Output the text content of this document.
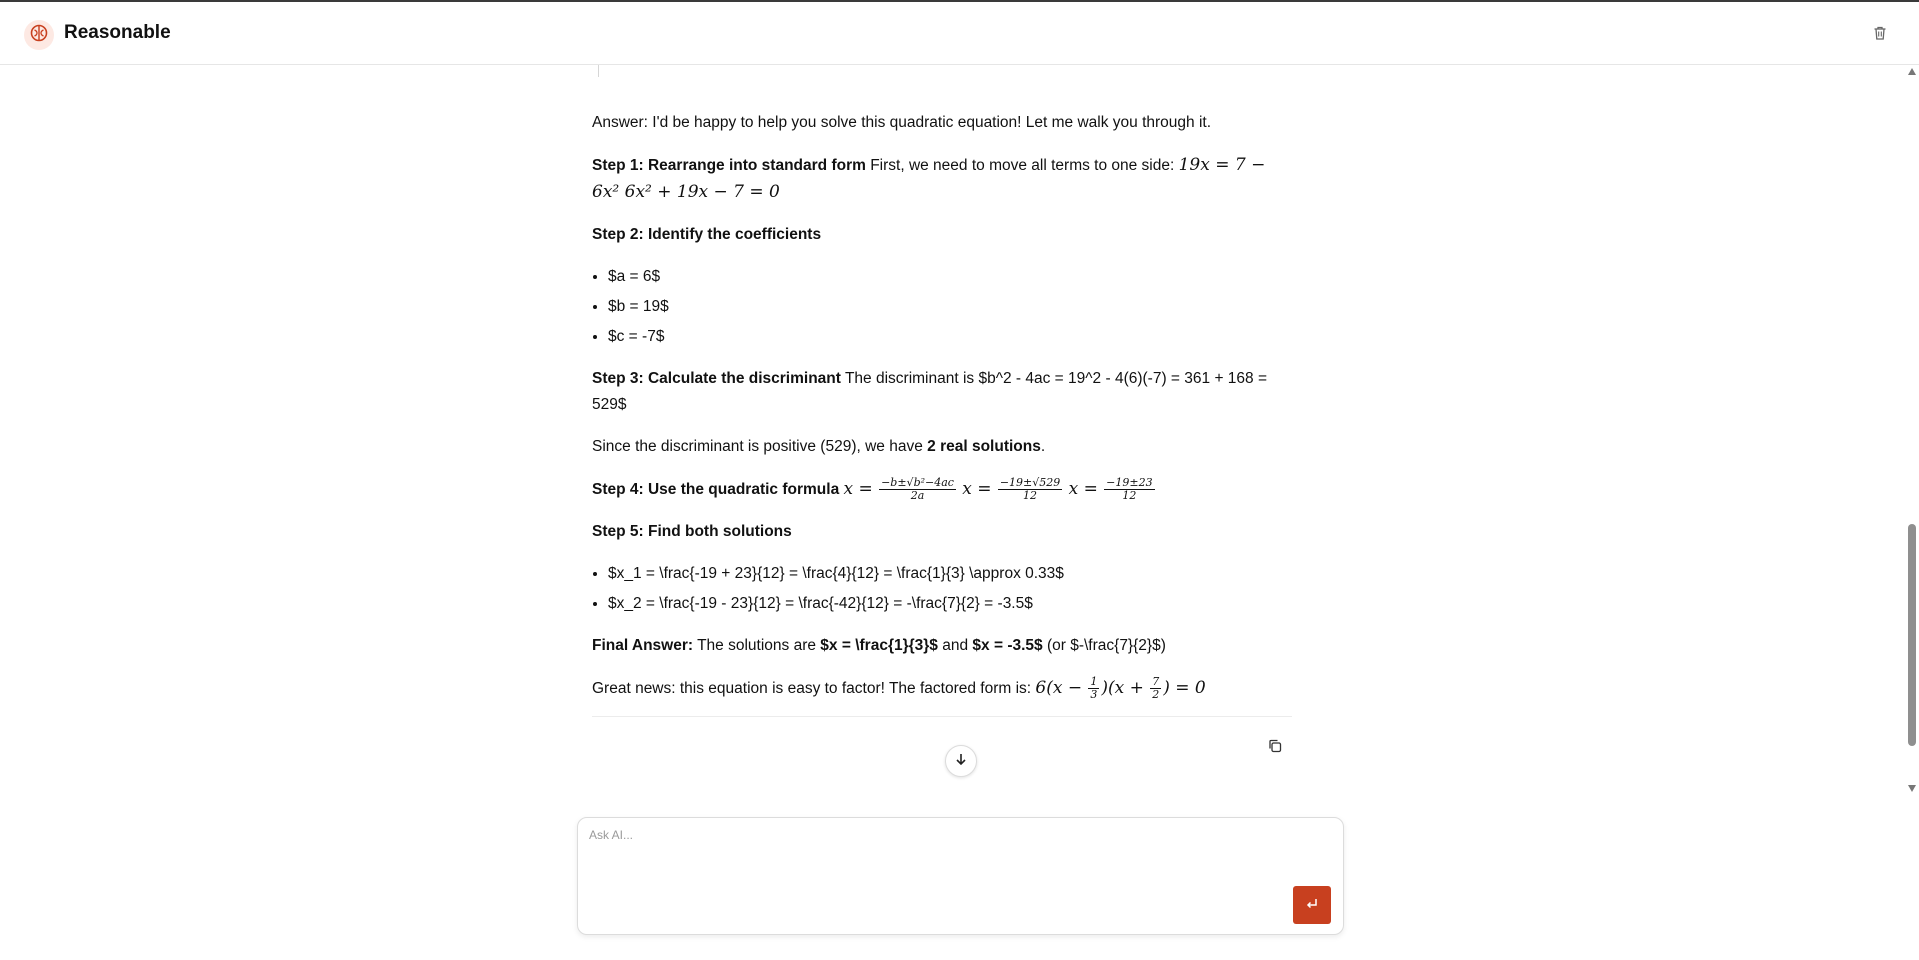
Reasonable

Answer: I'd be happy to help you solve this quadratic equation! Let me walk you through it.

Step 1: Rearrange into standard form First, we need to move all terms to one side: 19x = 7 −
6x² 6x² + 19x − 7 = 0

Step 2: Identify the coefficients

• $a = 6$
• $b = 19$
• $c = -7$

Step 3: Calculate the discriminant The discriminant is $b^2 - 4ac = 19^2 - 4(6)(-7) = 361 + 168 = 529$

Since the discriminant is positive (529), we have 2 real solutions.

Step 4: Use the quadratic formula $x = \frac{\text{−b±√b²−4ac}}{2a}$ $x = \frac{-19\pm√529}{12}$ $x = \frac{-19\pm 23}{12}$

Step 5: Find both solutions

• $x_1 = \frac{-19 + 23}{12} = \frac{4}{12} = \frac{1}{3} \approx 0.33$
• $x_2 = \frac{-19 - 23}{12} = \frac{-42}{12} = -\frac{7}{2} = -3.5$

Final Answer: The solutions are $x = \frac{1}{3}$ and $x = -3.5$ (or $-\frac{7}{2}$)

Great news: this equation is easy to factor! The factored form is: $6(x - \frac{1}{3} )(x + \frac{7}{2}$ ) = 0

Ask AI...
